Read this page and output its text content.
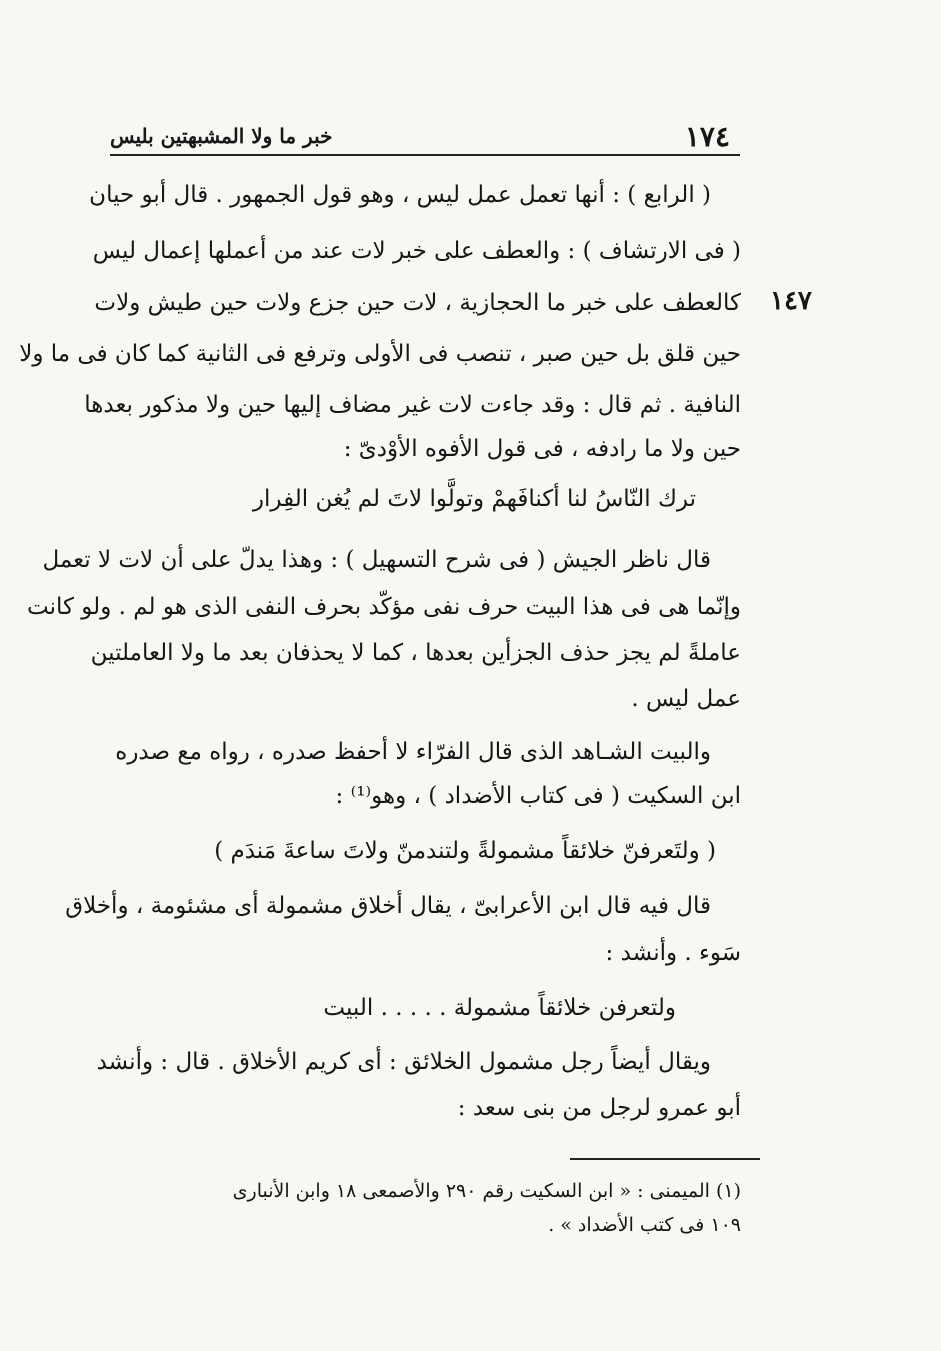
١٧٤
خبر ما ولا المشبهتين بليس
١٤٧
( الرابع ) : أنها تعمل عمل ليس ، وهو قول الجمهور . قال أبو حيان
( فى الارتشاف ) : والعطف على خبر لات عند من أعملها إعمال ليس
كالعطف على خبر ما الحجازية ، لات حين جزع ولات حين طيش ولات
حين قلق بل حين صبر ، تنصب فى الأولى وترفع فى الثانية كما كان فى ما ولا
النافية . ثم قال : وقد جاءت لات غير مضاف إليها حين ولا مذكور بعدها
حين ولا ما رادفه ، فى قول الأفوه الأوْدىّ :
ترك النّاسُ لنا أكنافَهمْ وتولَّوا لاتَ لم يُغن الفِرار
قال ناظر الجيش ( فى شرح التسهيل ) : وهذا يدلّ على أن لات لا تعمل
وإنّما هى فى هذا البيت حرف نفى مؤكّد بحرف النفى الذى هو لم . ولو كانت
عاملةً لم يجز حذف الجزأين بعدها ، كما لا يحذفان بعد ما ولا العاملتين
عمل ليس .
والبيت الشـاهد الذى قال الفرّاء لا أحفظ صدره ، رواه مع صدره
ابن السكيت ( فى كتاب الأضداد ) ، وهو⁽¹⁾ :
( ولتَعرفنّ خلائقاً مشمولةً ولتندمنّ ولاتَ ساعةَ مَندَم )
قال فيه قال ابن الأعرابىّ ، يقال أخلاق مشمولة أى مشئومة ، وأخلاق
سَوء . وأنشد :
ولتعرفن خلائقاً مشمولة . . . . . البيت
ويقال أيضاً رجل مشمول الخلائق : أى كريم الأخلاق . قال : وأنشد
أبو عمرو لرجل من بنى سعد :
(١) الميمنى : « ابن السكيت رقم ٢٩٠ والأصمعى ١٨ وابن الأنبارى
١٠٩ فى كتب الأضداد » .
